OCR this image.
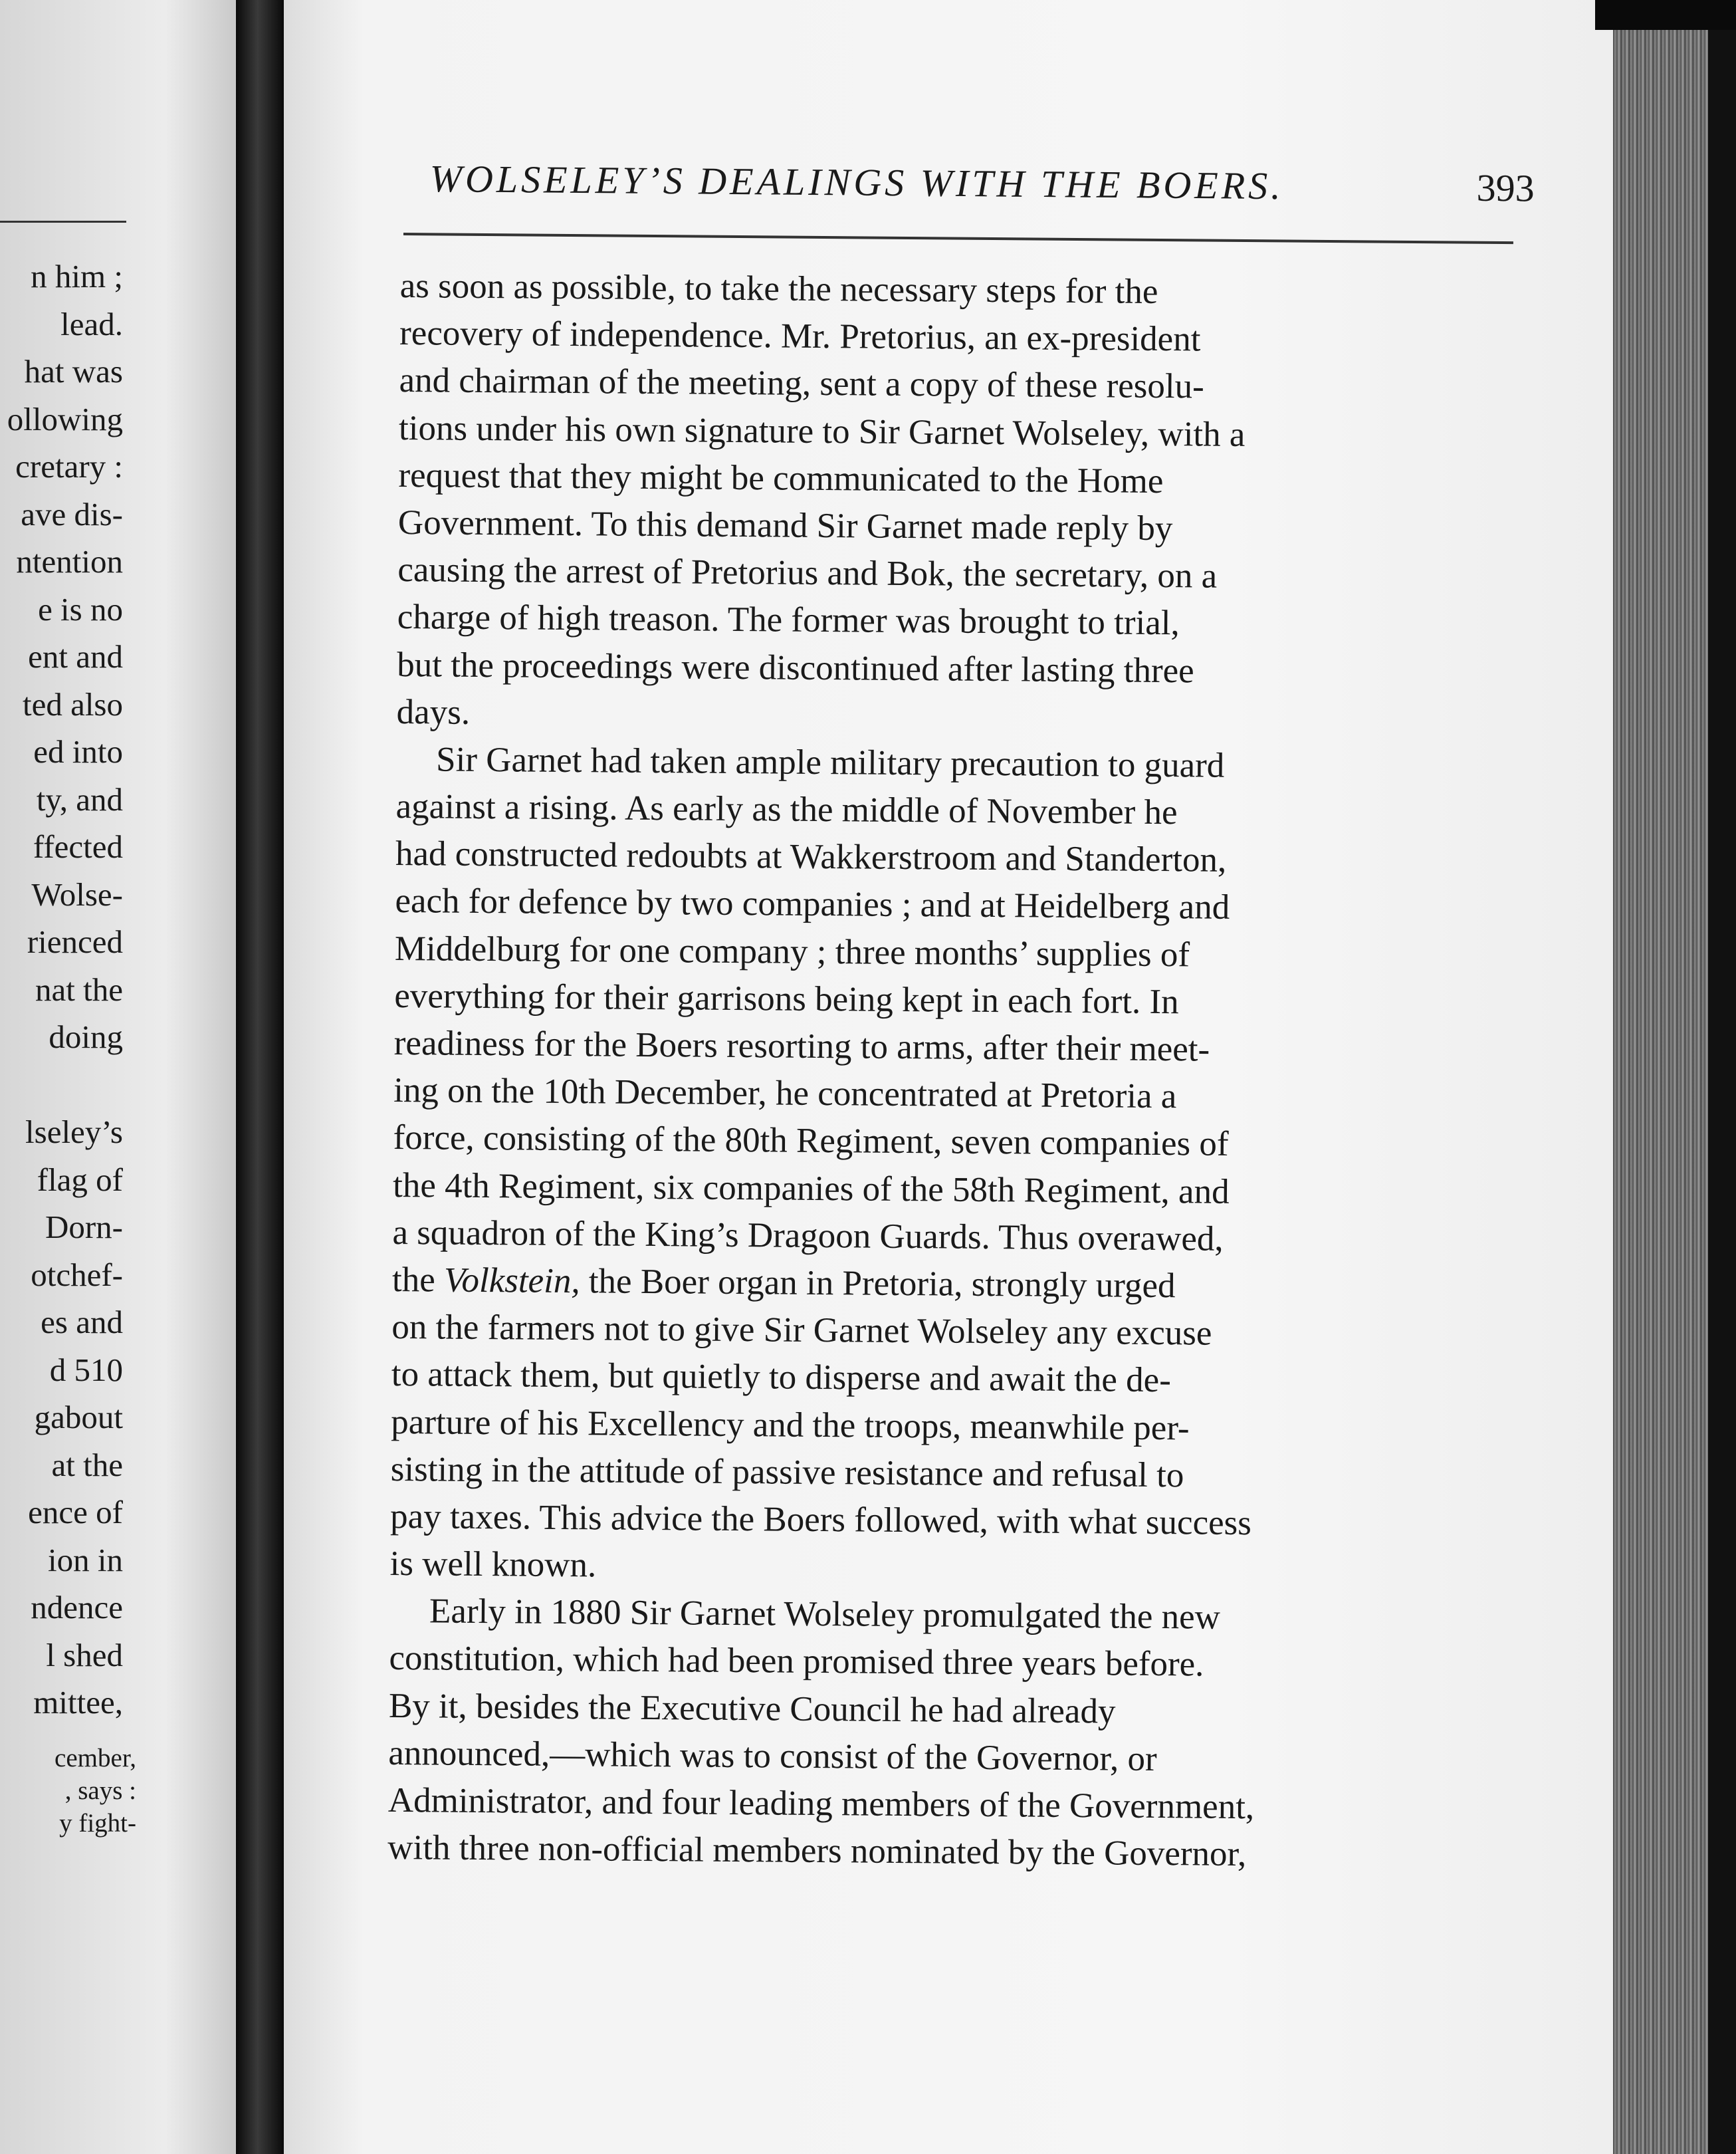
n him ;
lead.
hat was
ollowing
cretary :
ave dis-
ntention
e is no
ent and
ted also
ed into
ty, and
ffected
Wolse-
rienced
nat the
doing
lseley’s
flag of
Dorn-
otchef-
es and
d 510
gabout
at the
ence of
ion in
ndence
l shed
mittee,
cember,
, says :
y fight-
WOLSELEY’S DEALINGS WITH THE BOERS.	393
as soon as possible, to take the necessary steps for the
recovery of independence. Mr. Pretorius, an ex-president
and chairman of the meeting, sent a copy of these resolu-
tions under his own signature to Sir Garnet Wolseley, with a
request that they might be communicated to the Home
Government. To this demand Sir Garnet made reply by
causing the arrest of Pretorius and Bok, the secretary, on a
charge of high treason. The former was brought to trial,
but the proceedings were discontinued after lasting three
days.
Sir Garnet had taken ample military precaution to guard
against a rising. As early as the middle of November he
had constructed redoubts at Wakkerstroom and Standerton,
each for defence by two companies ; and at Heidelberg and
Middelburg for one company ; three months’ supplies of
everything for their garrisons being kept in each fort. In
readiness for the Boers resorting to arms, after their meet-
ing on the 10th December, he concentrated at Pretoria a
force, consisting of the 80th Regiment, seven companies of
the 4th Regiment, six companies of the 58th Regiment, and
a squadron of the King’s Dragoon Guards. Thus overawed,
the Volkstein, the Boer organ in Pretoria, strongly urged
on the farmers not to give Sir Garnet Wolseley any excuse
to attack them, but quietly to disperse and await the de-
parture of his Excellency and the troops, meanwhile per-
sisting in the attitude of passive resistance and refusal to
pay taxes. This advice the Boers followed, with what success
is well known.
Early in 1880 Sir Garnet Wolseley promulgated the new
constitution, which had been promised three years before.
By it, besides the Executive Council he had already
announced,—which was to consist of the Governor, or
Administrator, and four leading members of the Government,
with three non-official members nominated by the Governor,
